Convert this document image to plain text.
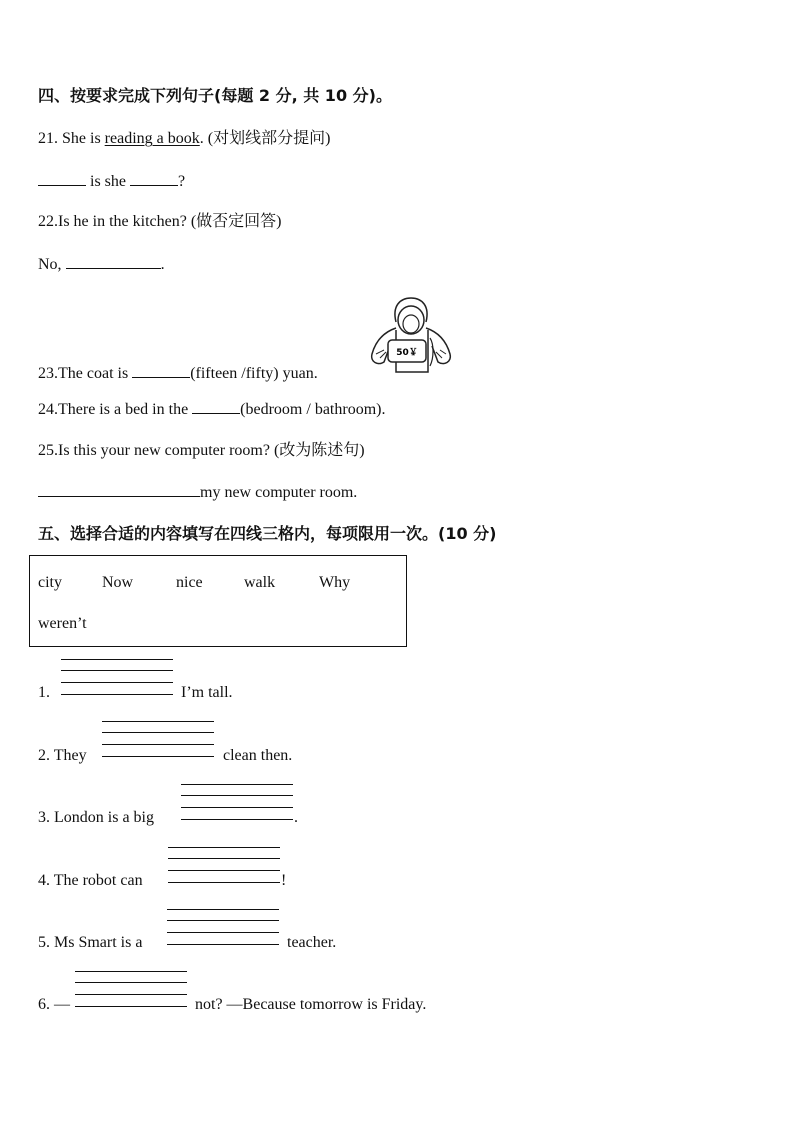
四、按要求完成下列句子(每题 2 分, 共 10 分)。
21. She is reading a book. (对划线部分提问)
is she	?
22.Is he in the kitchen? (做否定回答)
No,	.
50￥
23.The coat is	(fifteen /fifty) yuan.
24.There is a bed in the	(bedroom / bathroom).
25.Is this your new computer room? (改为陈述句)
my new computer room.
五、选择合适的内容填写在四线三格内，每项限用一次。(10 分)
city	Now	nice	walk	Why
weren’t
1.	I’m tall.
2. They	clean then.
3. London is a big	.
4. The robot can	!
5. Ms Smart is a	teacher.
6. —	not? —Because tomorrow is Friday.
